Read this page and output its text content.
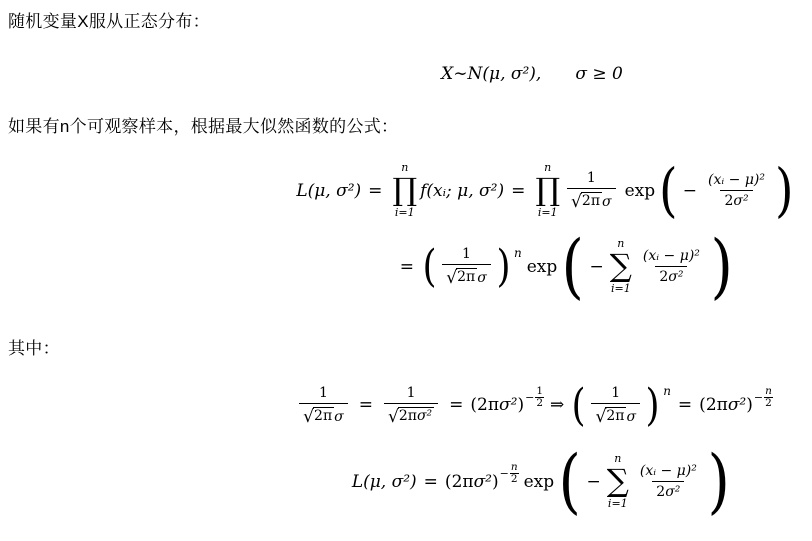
随机变量X服从正态分布：
X∼N(μ, σ²), σ ≥ 0
如果有n个可观察样本，根据最大似然函数的公式：
L(μ, σ²) =
n
∏
i=1
f(xᵢ; μ, σ²) =
n
∏
i=1
$\frac{1}{\text{√ 2 π σ}}$ exp ( − $\frac{\text{(xᵢ − μ)²}}{\text{2 σ²}}$ )
= ( $\frac{1}{\text{√ 2 π σ}}$ ) n
exp ( −
n
∑
i=1
$\frac{\text{(xᵢ − μ)²}}{\text{2 σ²}}$ )
其中：
$\frac{1}{\text{√ 2 π σ}} = \frac{1}{\text{√ 2 π σ²}}$ = ( 2 π σ² ) − $\frac{1}{2}$ ⇒ ( $\frac{1}{\text{√ 2 π σ}}$ ) n
= ( 2 π σ² ) − $\frac{n}{2}$
L(μ, σ²) = ( 2 π σ² ) − $\frac{n}{2}$ exp ( −
n
∑
i=1
$\frac{\text{(xᵢ − μ)²}}{\text{2 σ²}}$ )
